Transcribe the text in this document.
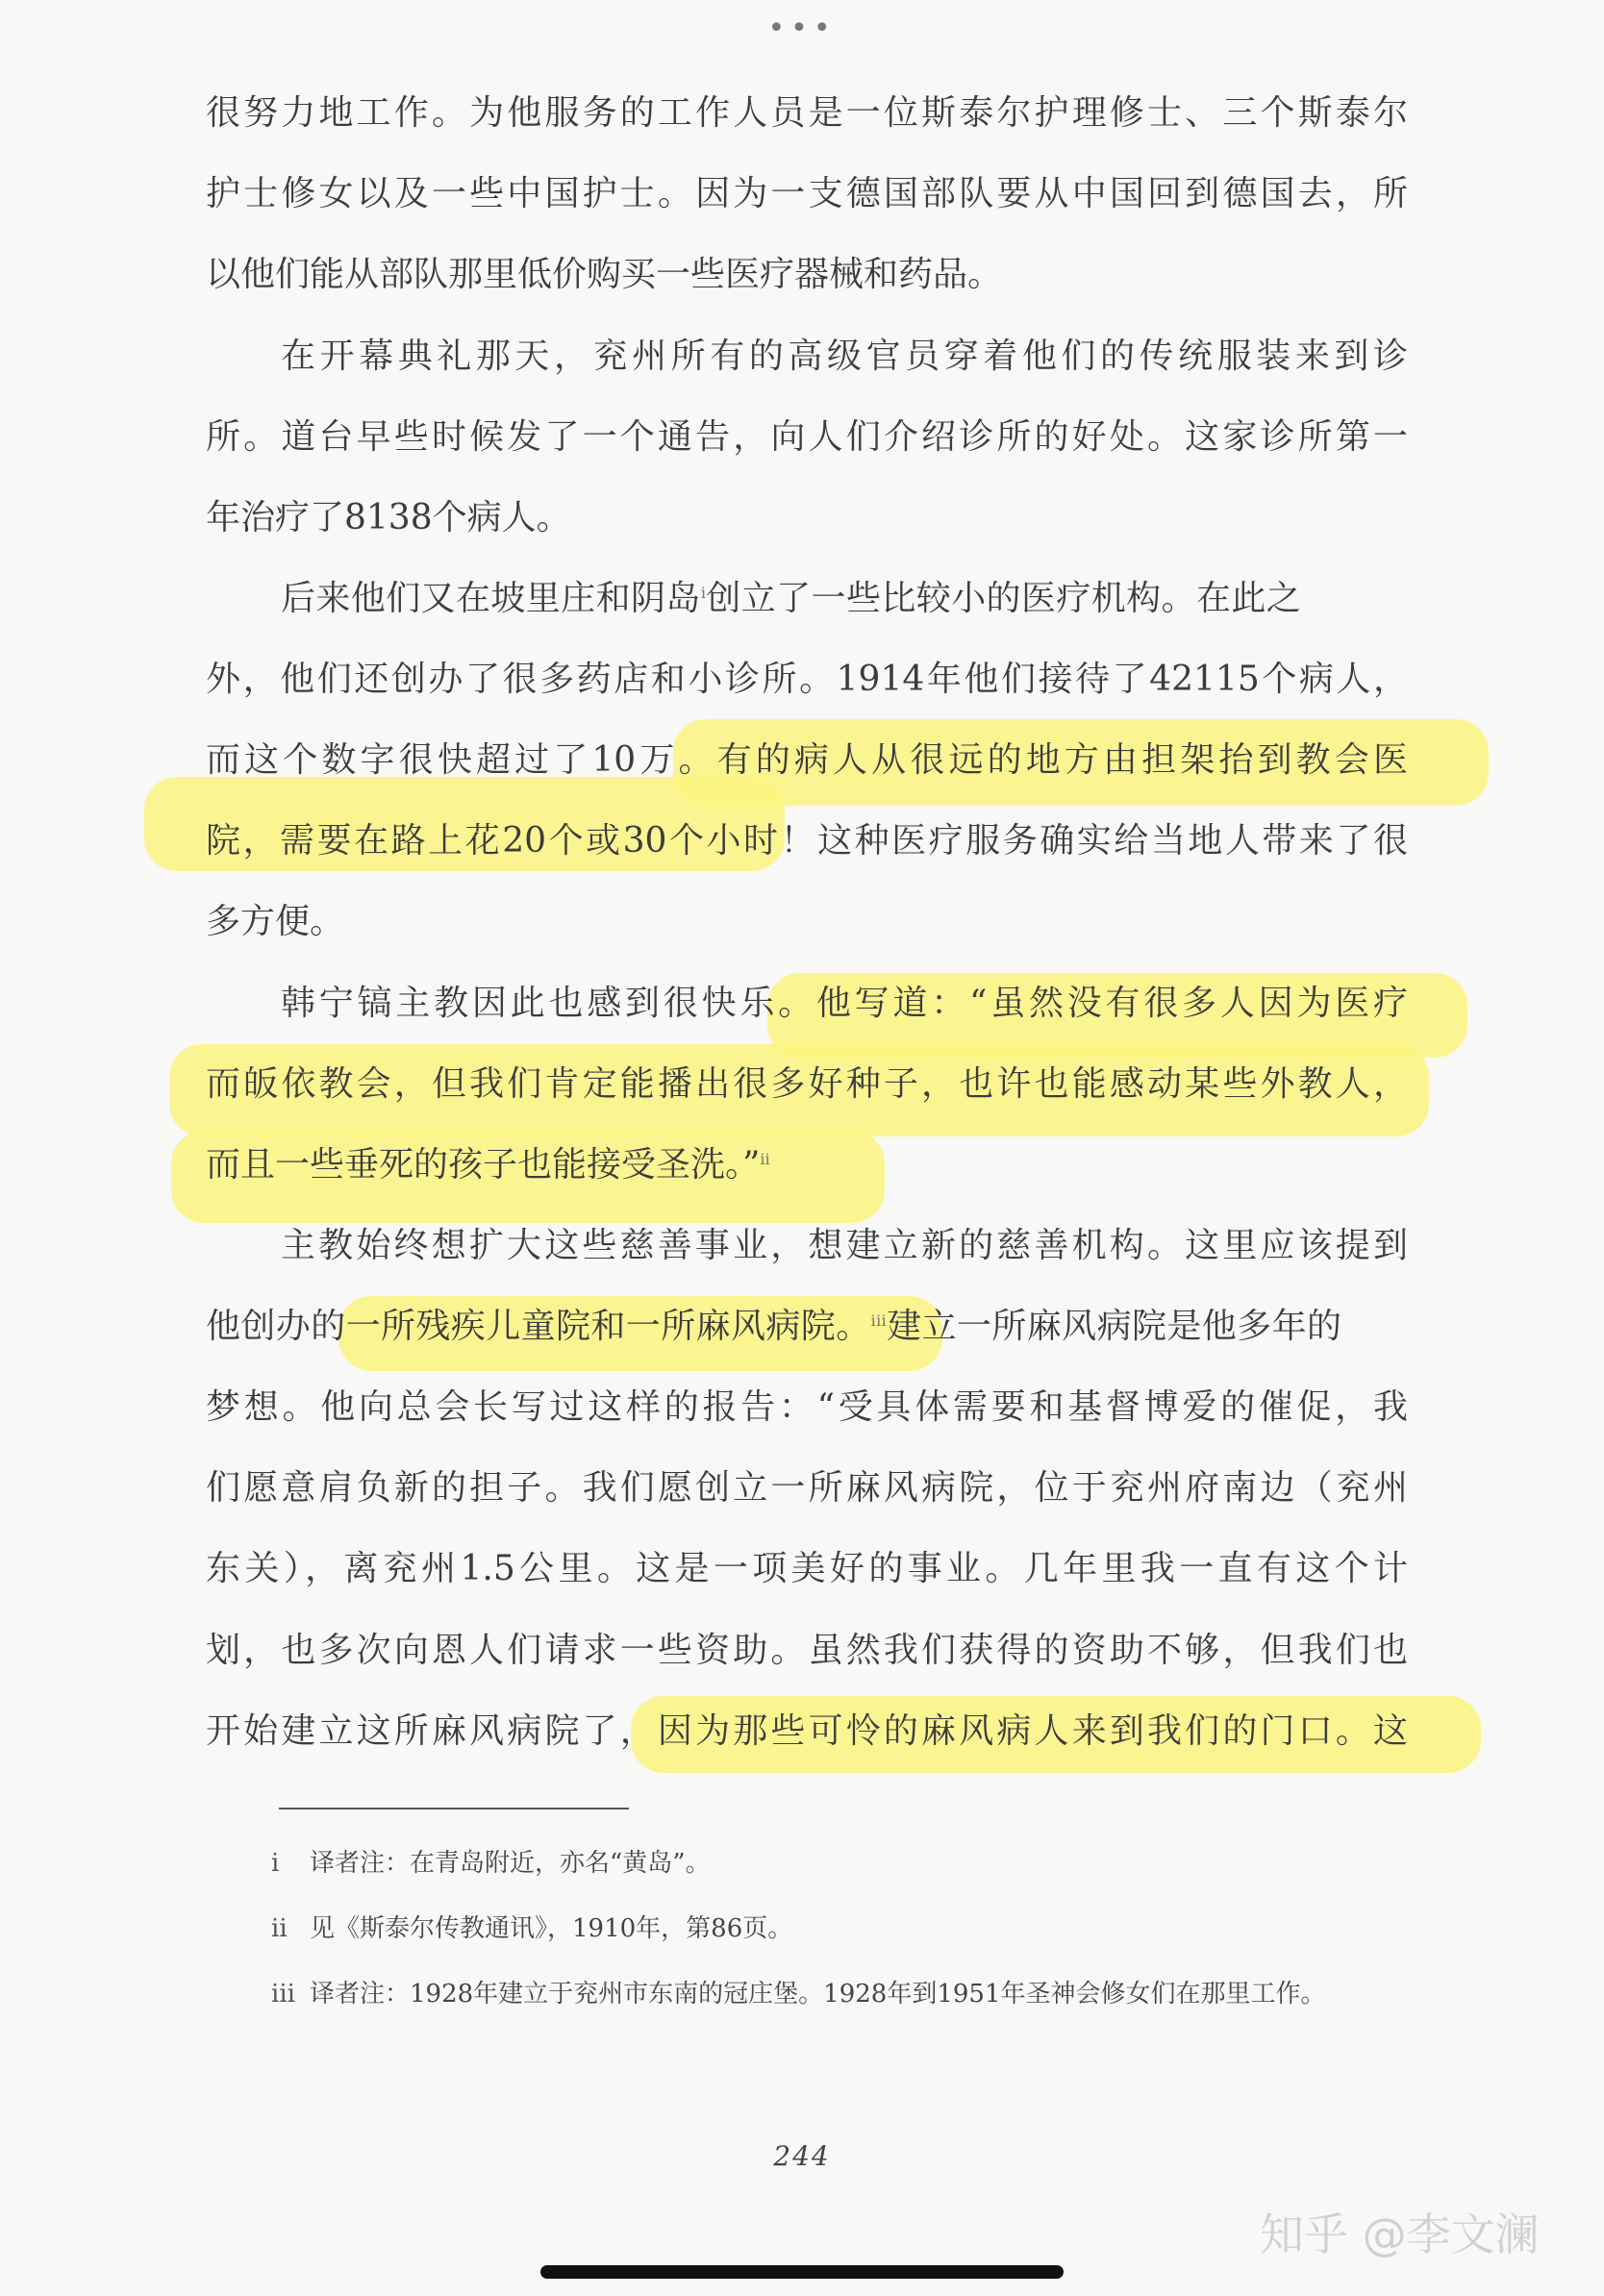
•••
很努力地工作。为他服务的工作人员是一位斯泰尔护理修士、三个斯泰尔
护士修女以及一些中国护士。因为一支德国部队要从中国回到德国去，所
以他们能从部队那里低价购买一些医疗器械和药品。
在开幕典礼那天，兖州所有的高级官员穿着他们的传统服装来到诊
所。道台早些时候发了一个通告，向人们介绍诊所的好处。这家诊所第一
年治疗了8138个病人。
后来他们又在坡里庄和阴岛$^i$创立了一些比较小的医疗机构。在此之
外，他们还创办了很多药店和小诊所。1914年他们接待了42115个病人，
而这个数字很快超过了10万。有的病人从很远的地方由担架抬到教会医
院，需要在路上花20个或30个小时！这种医疗服务确实给当地人带来了很
多方便。
韩宁镐主教因此也感到很快乐。他写道：“虽然没有很多人因为医疗
而皈依教会，但我们肯定能播出很多好种子，也许也能感动某些外教人，
而且一些垂死的孩子也能接受圣洗。”$^{ii}$
主教始终想扩大这些慈善事业，想建立新的慈善机构。这里应该提到
他创办的一所残疾儿童院和一所麻风病院。$^{iii}$建立一所麻风病院是他多年的
梦想。他向总会长写过这样的报告：“受具体需要和基督博爱的催促，我
们愿意肩负新的担子。我们愿创立一所麻风病院，位于兖州府南边（兖州
东关），离兖州1.5公里。这是一项美好的事业。几年里我一直有这个计
划，也多次向恩人们请求一些资助。虽然我们获得的资助不够，但我们也
开始建立这所麻风病院了，因为那些可怜的麻风病人来到我们的门口。这
i 译者注：在青岛附近，亦名“黄岛”。
ii 见《斯泰尔传教通讯》，1910年，第86页。
iii 译者注：1928年建立于兖州市东南的冠庄堡。1928年到1951年圣神会修女们在那里工作。
244
知乎 @李文澜
